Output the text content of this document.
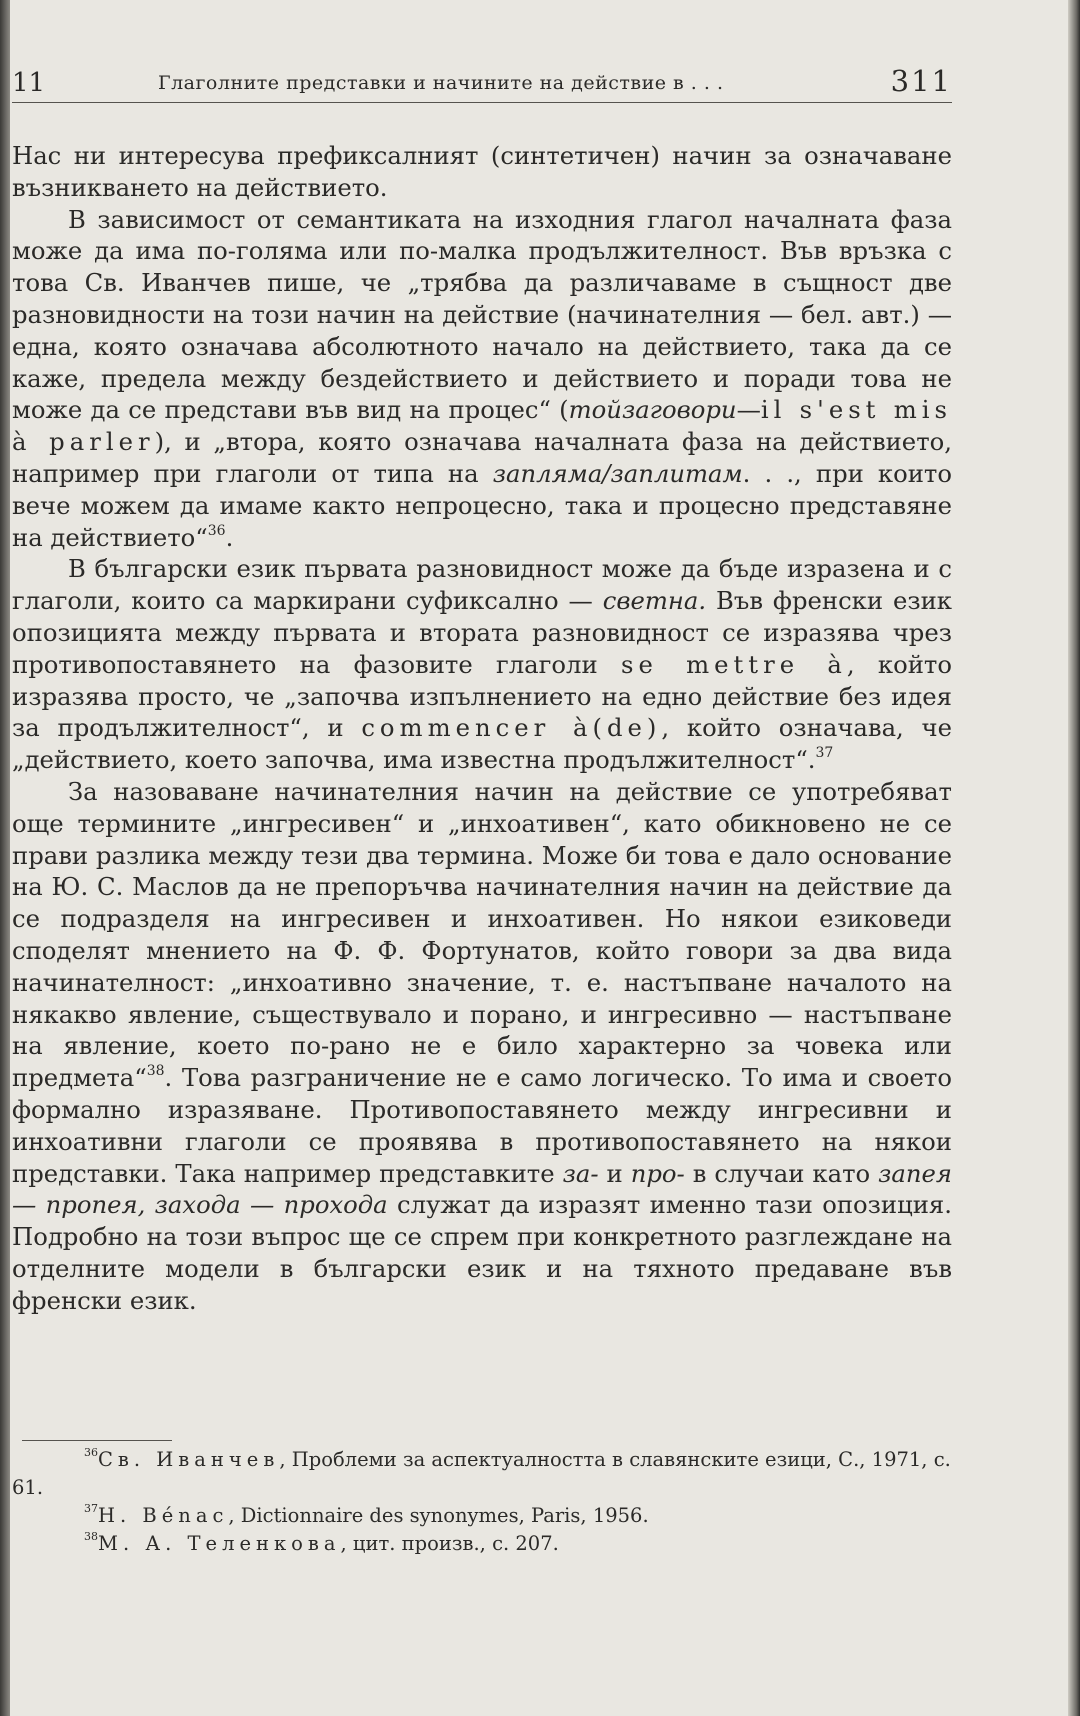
11	Глаголните представки и начините на действие в . . .	311

Нас ни интересува префиксалният (синтетичен) начин за означаване възникването на действието.

В зависимост от семантиката на изходния глагол началната фаза може да има по-голяма или по-малка продължителност. Във връзка с това Св. Иванчев пише, че „трябва да различаваме в същност две разновидности на този начин на действие (начинателния — бел. авт.) — една, която означава абсолютното начало на действието, така да се каже, предела между бездействието и действието и поради това не може да се представи във вид на процес“ (тойзаговори—il s'est mis à parler), и „втора, която означава началната фаза на действието, например при глаголи от типа на запляма/заплитам. . ., при които вече можем да имаме както непроцесно, така и процесно представяне на действието“$^{36}$.

В български език първата разновидност може да бъде изразена и с глаголи, които са маркирани суфиксално — светна. Във френски език опозицията между първата и втората разновидност се изразява чрез противопоставянето на фазовите глаголи se mettre à, който изразява просто, че „започва изпълнението на едно действие без идея за продължителност“, и commencer à(de), който означава, че „действието, което започва, има известна продължителност“.$^{37}$

За назоваване начинателния начин на действие се употребяват още термините „ингресивен“ и „инхоативен“, като обикновено не се прави разлика между тези два термина. Може би това е дало основание на Ю. С. Маслов да не препоръчва начинателния начин на действие да се подразделя на ингресивен и инхоативен. Но някои езиковеди споделят мнението на Ф. Ф. Фортунатов, който говори за два вида начинателност: „инхоативно значение, т. е. настъпване началото на някакво явление, съществувало и порано, и ингресивно — настъпване на явление, което по-рано не е било характерно за човека или предмета“$^{38}$. Това разграничение не е само логическо. То има и своето формално изразяване. Противопоставянето между ингресивни и инхоативни глаголи се проявява в противопоставянето на някои представки. Така например представките за- и про- в случаи като запея — пропея, захода — прохода служат да изразят именно тази опозиция. Подробно на този въпрос ще се спрем при конкретното разглеждане на отделните модели в български език и на тяхното предаване във френски език.

$^{36}$Св. Иванчев, Проблеми за аспектуалността в славянските езици, С., 1971, с. 61.

$^{37}$Н. Bénac, Dictionnaire des synonymes, Paris, 1956.

$^{38}$М. А. Теленкова, цит. произв., с. 207.
